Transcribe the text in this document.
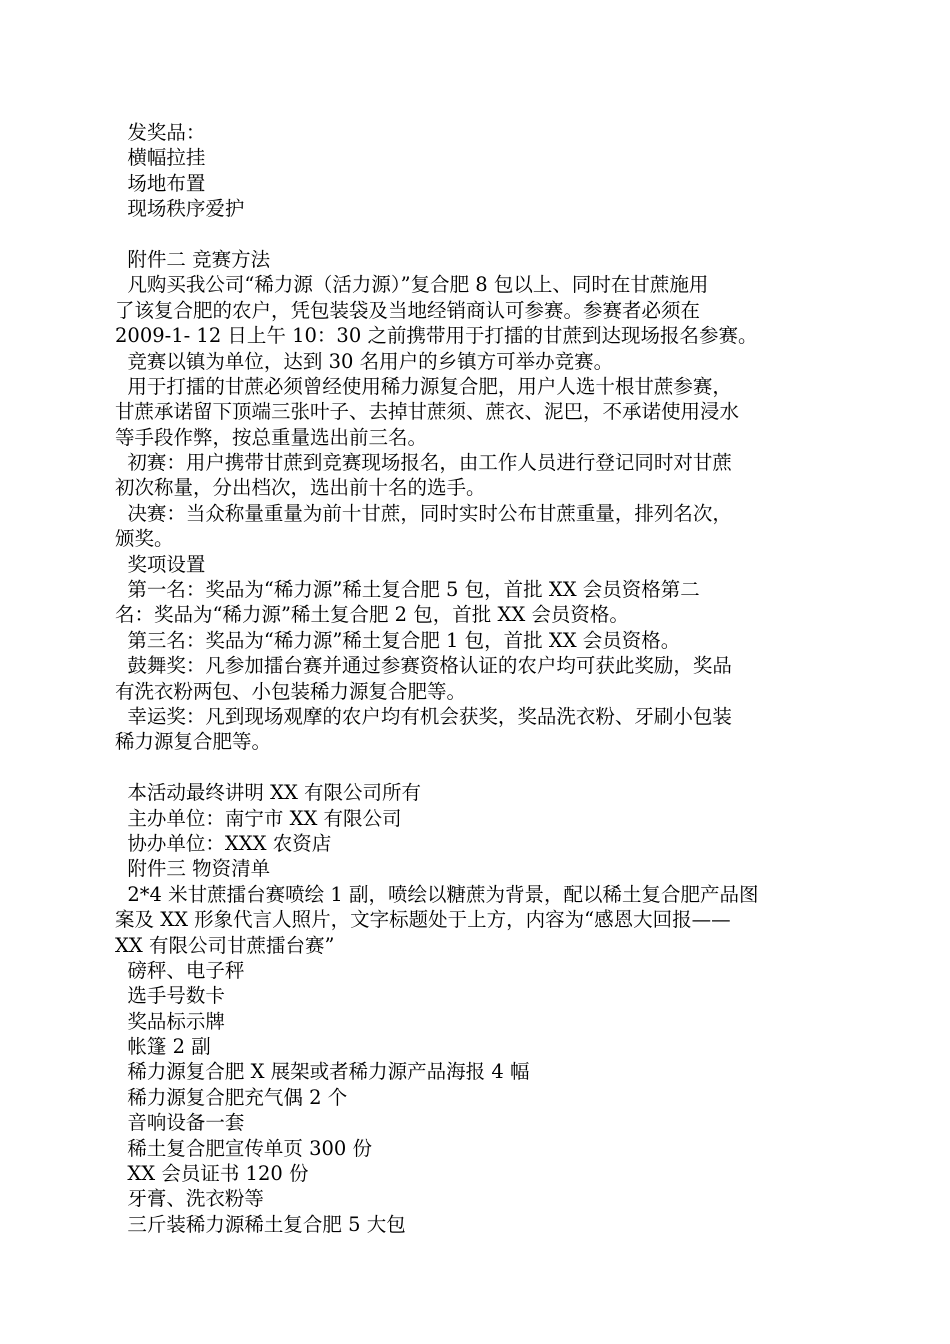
发奖品：
横幅拉挂
场地布置
现场秩序爱护
附件二 竞赛方法
凡购买我公司“稀力源（活力源）”复合肥 8 包以上、同时在甘蔗施用
了该复合肥的农户，凭包装袋及当地经销商认可参赛。参赛者必须在
2009-1- 12 日上午 10：30 之前携带用于打擂的甘蔗到达现场报名参赛。
竞赛以镇为单位，达到 30 名用户的乡镇方可举办竞赛。
用于打擂的甘蔗必须曾经使用稀力源复合肥，用户人选十根甘蔗参赛，
甘蔗承诺留下顶端三张叶子、去掉甘蔗须、蔗衣、泥巴，不承诺使用浸水
等手段作弊，按总重量选出前三名。
初赛：用户携带甘蔗到竞赛现场报名，由工作人员进行登记同时对甘蔗
初次称量，分出档次，选出前十名的选手。
决赛：当众称量重量为前十甘蔗，同时实时公布甘蔗重量，排列名次，
颁奖。
奖项设置
第一名：奖品为“稀力源”稀土复合肥 5 包，首批 XX 会员资格第二
名：奖品为“稀力源”稀土复合肥 2 包，首批 XX 会员资格。
第三名：奖品为“稀力源”稀土复合肥 1 包，首批 XX 会员资格。
鼓舞奖：凡参加擂台赛并通过参赛资格认证的农户均可获此奖励，奖品
有洗衣粉两包、小包装稀力源复合肥等。
幸运奖：凡到现场观摩的农户均有机会获奖，奖品洗衣粉、牙刷小包装
稀力源复合肥等。
本活动最终讲明 XX 有限公司所有
主办单位：南宁市 XX 有限公司
协办单位：XXX 农资店
附件三 物资清单
2*4 米甘蔗擂台赛喷绘 1 副，喷绘以糖蔗为背景，配以稀土复合肥产品图
案及 XX 形象代言人照片，文字标题处于上方，内容为“感恩大回报——
XX 有限公司甘蔗擂台赛”
磅秤、电子秤
选手号数卡
奖品标示牌
帐篷 2 副
稀力源复合肥 X 展架或者稀力源产品海报 4 幅
稀力源复合肥充气偶 2 个
音响设备一套
稀土复合肥宣传单页 300 份
XX 会员证书 120 份
牙膏、洗衣粉等
三斤装稀力源稀土复合肥 5 大包
